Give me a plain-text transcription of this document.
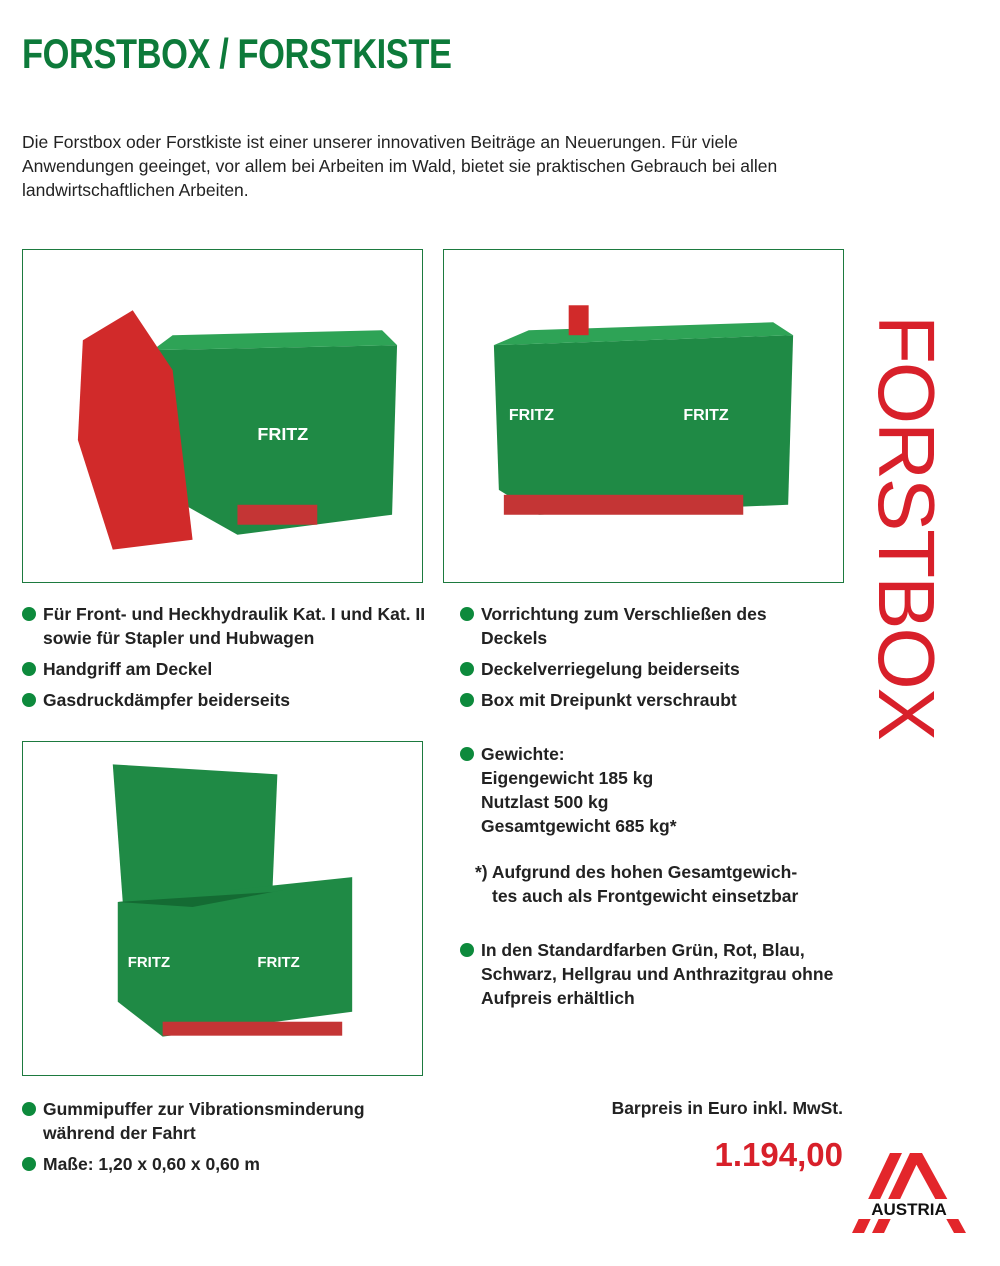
FORSTBOX / FORSTKISTE
Die Forstbox oder Forstkiste ist einer unserer innovativen Beiträge an Neuerungen. Für viele Anwendungen geeinget, vor allem bei Arbeiten im Wald, bietet sie praktischen Gebrauch bei allen landwirtschaftlichen Arbeiten.
FRITZ
FRITZ	FRITZ
FRITZ	FRITZ
FORSTBOX
Für Front- und Heckhydraulik Kat. I und Kat. II sowie für Stapler und Hubwagen
Handgriff am Deckel
Gasdruckdämpfer beiderseits
Vorrichtung zum Verschließen des Deckels
Deckelverriegelung beiderseits
Box mit Dreipunkt verschraubt
Gewichte:
Eigengewicht 185 kg
Nutzlast 500 kg
Gesamtgewicht 685 kg*
*) Aufgrund des hohen Gesamtgewich-
tes auch als Frontgewicht einsetzbar
In den Standardfarben Grün, Rot, Blau, Schwarz, Hellgrau und Anthrazitgrau ohne Aufpreis erhältlich
Gummipuffer zur Vibrationsminderung während der Fahrt
Maße: 1,20 x 0,60 x 0,60 m
Barpreis in Euro inkl. MwSt.
1.194,00
AUSTRIA
